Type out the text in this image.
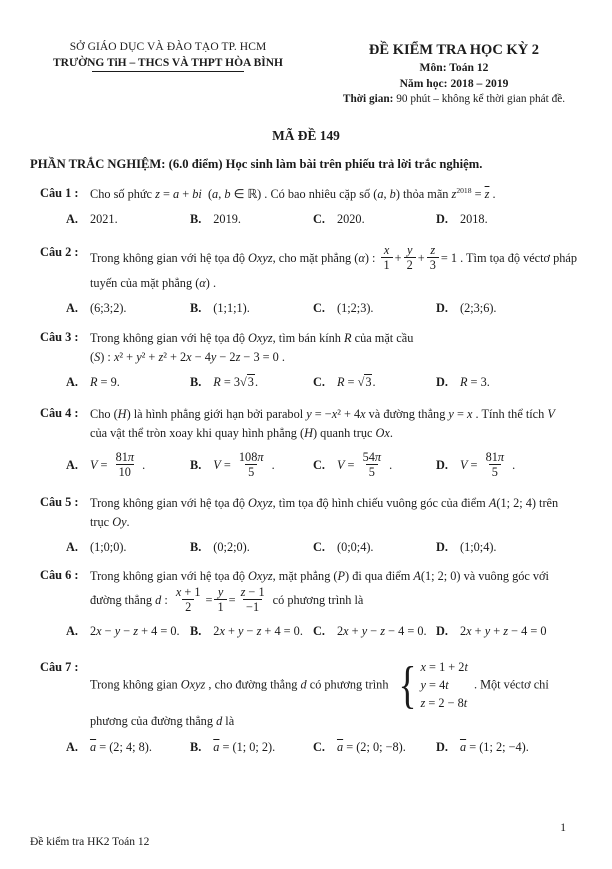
SỞ GIÁO DỤC VÀ ĐÀO TẠO TP. HCM
TRƯỜNG TiH – THCS VÀ THPT HÒA BÌNH
ĐỀ KIỂM TRA HỌC KỲ 2
Môn: Toán 12
Năm học: 2018 – 2019
Thời gian: 90 phút – không kể thời gian phát đề.
MÃ ĐỀ 149
PHẦN TRẮC NGHIỆM: (6.0 điểm) Học sinh làm bài trên phiếu trả lời trắc nghiệm.
Câu 1 : Cho số phức z = a + bi  (a, b ∈ ℝ) . Có bao nhiêu cặp số (a, b) thỏa mãn $z^{2018} = \overline{z}$ .
A. 2021.	B. 2019.	C. 2020.	D. 2018.
Câu 2 : Trong không gian với hệ tọa độ Oxyz, cho mặt phẳng (α) : $\frac{x}{1} + \frac{y}{2} + \frac{z}{3} = 1$ . Tìm tọa độ véctơ pháp
tuyến của mặt phẳng (α) .
A. (6;3;2).	B. (1;1;1).	C. (1;2;3).	D. (2;3;6).
Câu 3 : Trong không gian với hệ tọa độ Oxyz, tìm bán kính R của mặt cầu
(S) : x² + y² + z² + 2x − 4y − 2z − 3 = 0 .
A. R = 9.	B. R = 3 √3 .	C. R = √3 .	D. R = 3.
Câu 4 : Cho (H) là hình phẳng giới hạn bởi parabol y = −x² + 4x và đường thẳng y = x . Tính thể tích V
của vật thể tròn xoay khi quay hình phẳng (H) quanh trục Ox.
A. $V = \frac{81\pi}{10}$ .	B. $V = \frac{108\pi}{5}$ .	C. $V = \frac{54\pi}{5}$ .	D. $V = \frac{81\pi}{5}$ .
Câu 5 : Trong không gian với hệ tọa độ Oxyz, tìm tọa độ hình chiếu vuông góc của điểm A(1; 2; 4) trên
trục Oy.
A. (1;0;0).	B. (0;2;0).	C. (0;0;4).	D. (1;0;4).
Câu 6 : Trong không gian với hệ tọa độ Oxyz, mặt phẳng (P) đi qua điểm A(1; 2; 0) và vuông góc với
đường thẳng d : $\frac{x + 1}{2} = \frac{y}{1} = \frac{z - 1}{-1}$ có phương trình là
A. 2x − y − z + 4 = 0. B. 2x + y − z + 4 = 0. C. 2x + y − z − 4 = 0. D. 2x + y + z − 4 = 0
Câu 7 :
Trong không gian Oxyz , cho đường thẳng d có phương trình { x = 1 + 2t
y = 4t
z = 2 − 8t
. Một véctơ chỉ
phương của đường thẳng d là
A. $\overline{a} = (2$; 4; 8) .	B. $\overline{a} = (1$; 0; 2) .	C. $\overline{a} = (2$; 0; −8) . D. $\overline{a} = (1$; 2; −4) .
Đề kiểm tra HK2 Toán 12
1
